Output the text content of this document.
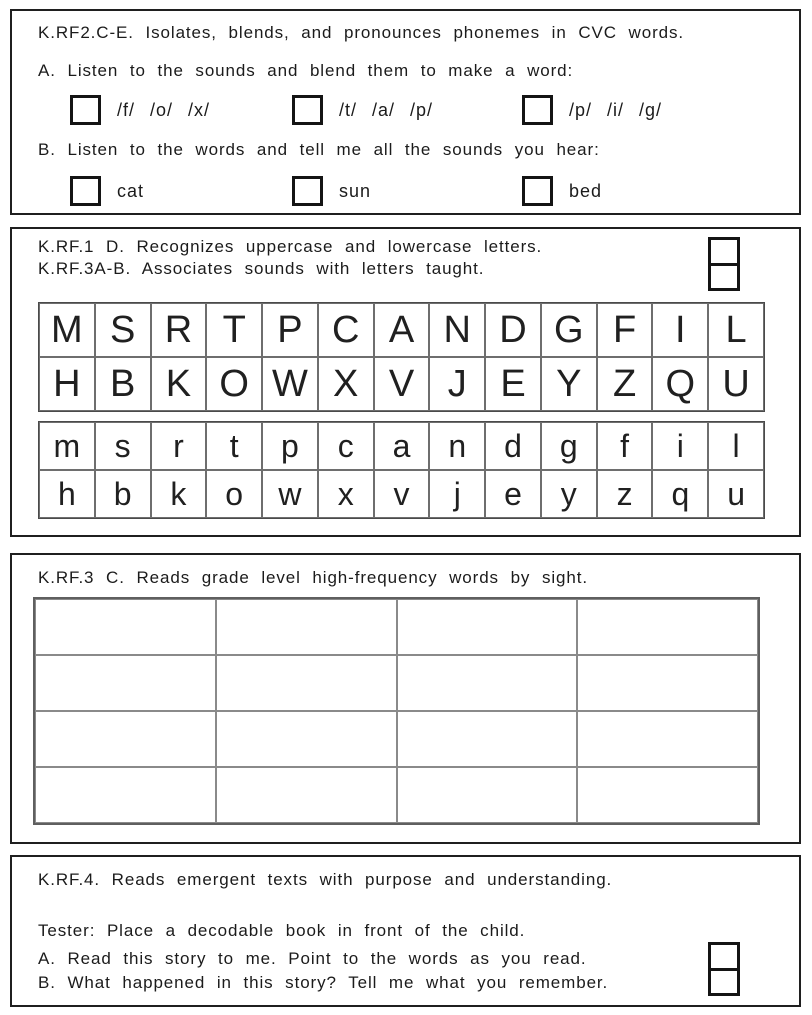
K.RF2.C-E. Isolates, blends, and pronounces phonemes in CVC words.
A. Listen to the sounds and blend them to make a word:
/f/ /o/ /x/	/t/ /a/ /p/	/p/ /i/ /g/
B. Listen to the words and tell me all the sounds you hear:
cat	sun	bed
K.RF.1 D. Recognizes uppercase and lowercase letters.
K.RF.3A-B. Associates sounds with letters taught.
M S R T P C A N D G F	I	L
H B K O W X V J E Y Z Q U
m	s	r	t	p	c	a	n	d	g	f	i	l
h	b	k	o	w	x	v	j	e	y	z	q	u
K.RF.3 C. Reads grade level high-frequency words by sight.
K.RF.4. Reads emergent texts with purpose and understanding.
Tester: Place a decodable book in front of the child.
A. Read this story to me. Point to the words as you read.
B. What happened in this story? Tell me what you remember.
